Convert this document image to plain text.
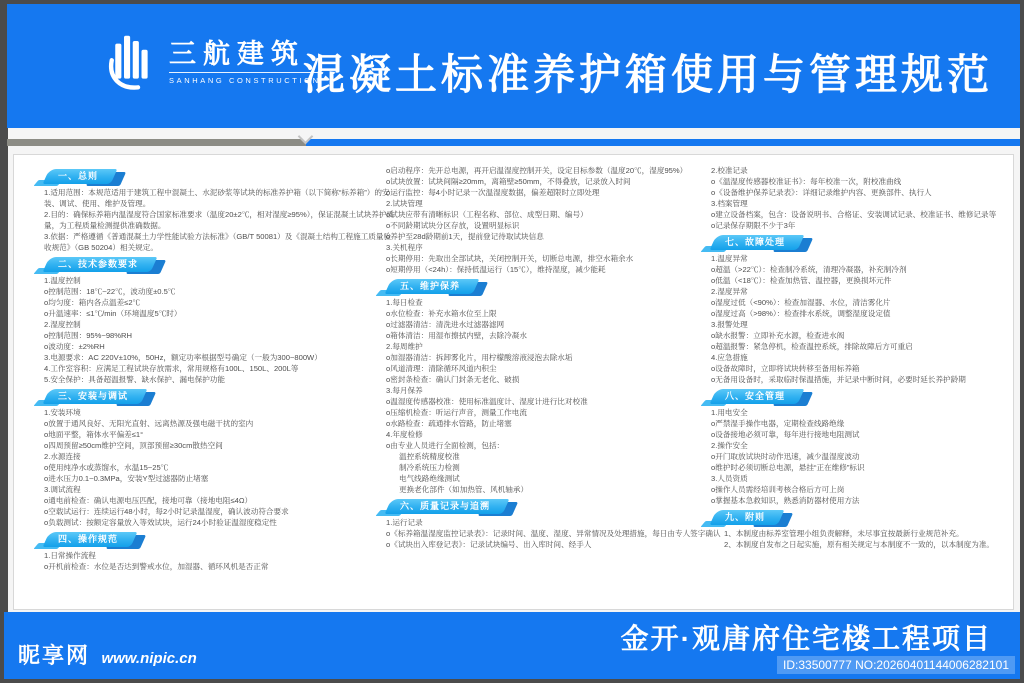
三航建筑
SANHANG CONSTRUCTION
混凝土标准养护箱使用与管理规范
一、总则

1.适用范围：本规范适用于建筑工程中混凝土、水泥砂浆等试块的标准养护箱（以下简称“标养箱”）的安装、调试、使用、维护及管理。

2.目的：确保标养箱内温湿度符合国家标准要求（温度20±2℃，相对湿度≥95%），保证混凝土试块养护质量，为工程质量检测提供准确数据。

3.依据：严格遵循《普通混凝土力学性能试验方法标准》（GB/T 50081）及《混凝土结构工程施工质量验收规范》（GB 50204）相关规定。

二、技术参数要求

1.温度控制

o控制范围：18℃~22℃，波动度±0.5℃

o均匀度：箱内各点温差≤2℃

o升温速率：≤1℃/min（环境温度5℃时）

2.湿度控制

o控制范围：95%~98%RH

o波动度：±2%RH

3.电源要求：AC 220V±10%，50Hz，额定功率根据型号确定（一般为300~800W）

4.工作室容积：应满足工程试块存放需求，常用规格有100L、150L、200L等

5.安全保护：具备超温报警、缺水保护、漏电保护功能

三、安装与调试

1.安装环境

o放置于通风良好、无阳光直射、远离热源及强电磁干扰的室内

o地面平整，箱体水平偏差≤1°

o四周预留≥50cm维护空间，顶部预留≥30cm散热空间

2.水源连接

o使用纯净水或蒸馏水，水温15~25℃

o进水压力0.1~0.3MPa，安装Y型过滤器防止堵塞

3.调试流程

o通电前检查：确认电源电压匹配，接地可靠（接地电阻≤4Ω）

o空载试运行：连续运行48小时，每2小时记录温湿度，确认波动符合要求

o负载测试：按额定容量放入等效试块，运行24小时验证温湿度稳定性

四、操作规范

1.日常操作流程

o开机前检查：水位是否达到警戒水位，加湿器、循环风机是否正常

o启动程序：先开总电源，再开启温湿度控制开关，设定目标参数（温度20℃，湿度95%）

o试块放置：试块间隔≥20mm，离箱壁≥50mm，不得叠放，记录放入时间

o运行监控：每4小时记录一次温湿度数据，偏差超限时立即处理

2.试块管理

o试块应带有清晰标识（工程名称、部位、成型日期、编号）

o不同龄期试块分区存放，设置明显标识

o养护至28d龄期前1天，提前登记待取试块信息

3.关机程序

o长期停用：先取出全部试块，关闭控制开关，切断总电源，排空水箱余水

o短期停用（<24h）：保持低温运行（15℃），维持湿度，减少能耗

五、维护保养

1.每日检查

o水位检查：补充水箱水位至上限

o过滤器清洁：清洗进水过滤器滤网

o箱体清洁：用湿布擦拭内壁，去除冷凝水

2.每周维护

o加湿器清洁：拆卸雾化片，用柠檬酸溶液浸泡去除水垢

o风道清理：清除循环风道内积尘

o密封条检查：确认门封条无老化、破损

3.每月保养

o温湿度传感器校准：使用标准温度计、湿度计进行比对校准

o压缩机检查：听运行声音，测量工作电流

o水路检查：疏通排水管路，防止堵塞

4.年度检修

o由专业人员进行全面检测，包括：

温控系统精度校准

制冷系统压力检测

电气线路绝缘测试

更换老化部件（如加热管、风机轴承）

六、质量记录与追溯

1.运行记录

o《标养箱温湿度监控记录表》：记录时间、温度、湿度、异常情况及处理措施，每日由专人签字确认

o《试块出入库登记表》：记录试块编号、出入库时间、经手人

2.校准记录

o《温湿度传感器校准证书》：每年校准一次，附校准曲线

o《设备维护保养记录表》：详细记录维护内容、更换部件、执行人

3.档案管理

o建立设备档案，包含：设备说明书、合格证、安装调试记录、校准证书、维修记录等

o记录保存期限不少于3年

七、故障处理

1.温度异常

o超温（>22℃）：检查制冷系统，清理冷凝器，补充制冷剂

o低温（<18℃）：检查加热管、温控器，更换损坏元件

2.湿度异常

o湿度过低（<90%）：检查加湿器、水位，清洁雾化片

o湿度过高（>98%）：检查排水系统，调整湿度设定值

3.报警处理

o缺水报警：立即补充水源，检查进水阀

o超温报警：紧急停机，检查温控系统，排除故障后方可重启

4.应急措施

o设备故障时，立即将试块转移至备用标养箱

o无备用设备时，采取临时保温措施，并记录中断时间，必要时延长养护龄期

八、安全管理

1.用电安全

o严禁湿手操作电器，定期检查线路绝缘

o设备接地必须可靠，每年进行接地电阻测试

2.操作安全

o开门取放试块时动作迅速，减少温湿度波动

o维护时必须切断总电源，悬挂“正在维修”标识

3.人员资质

o操作人员需经培训考核合格后方可上岗

o掌握基本急救知识，熟悉消防器材使用方法

九、附则

1、本制度由标养室管理小组负责解释，未尽事宜按最新行业规范补充。

2、本制度自发布之日起实施，原有相关规定与本制度不一致的，以本制度为准。

金开·观唐府住宅楼工程项目
ID:33500777 NO:20260401144006282101
昵享网 www.nipic.cn
